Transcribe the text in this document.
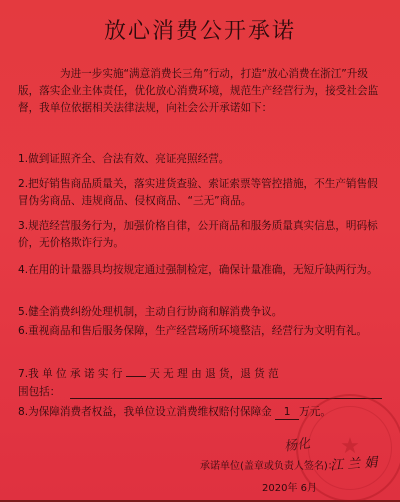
放心消费公开承诺
为进一步实施“满意消费长三角”行动，打造“放心消费在浙江”升级版，落实企业主体责任，优化放心消费环境，规范生产经营行为，接受社会监督，我单位依据相关法律法规，向社会公开承诺如下：
1.做到证照齐全、合法有效、亮证亮照经营。
2.把好销售商品质量关，落实进货查验、索证索票等管控措施，不生产销售假冒伪劣商品、违规商品、侵权商品、“三无”商品。
3.规范经营服务行为，加强价格自律，公开商品和服务质量真实信息，明码标价，无价格欺诈行为。
4.在用的计量器具均按规定通过强制检定，确保计量准确，无短斤缺两行为。
5.健全消费纠纷处理机制，主动自行协商和解消费争议。
6.重视商品和售后服务保障，生产经营场所环境整洁，经营行为文明有礼。
7.我 单 位 承 诺 实 行	天 无 理 由 退 货，退 货 范
围包括：
8.为保障消费者权益，我单位设立消费维权赔付保障金 1 万元。
★
杨化
承诺单位(盖章或负责人签名)：
江 兰 娟
2020年 6月
